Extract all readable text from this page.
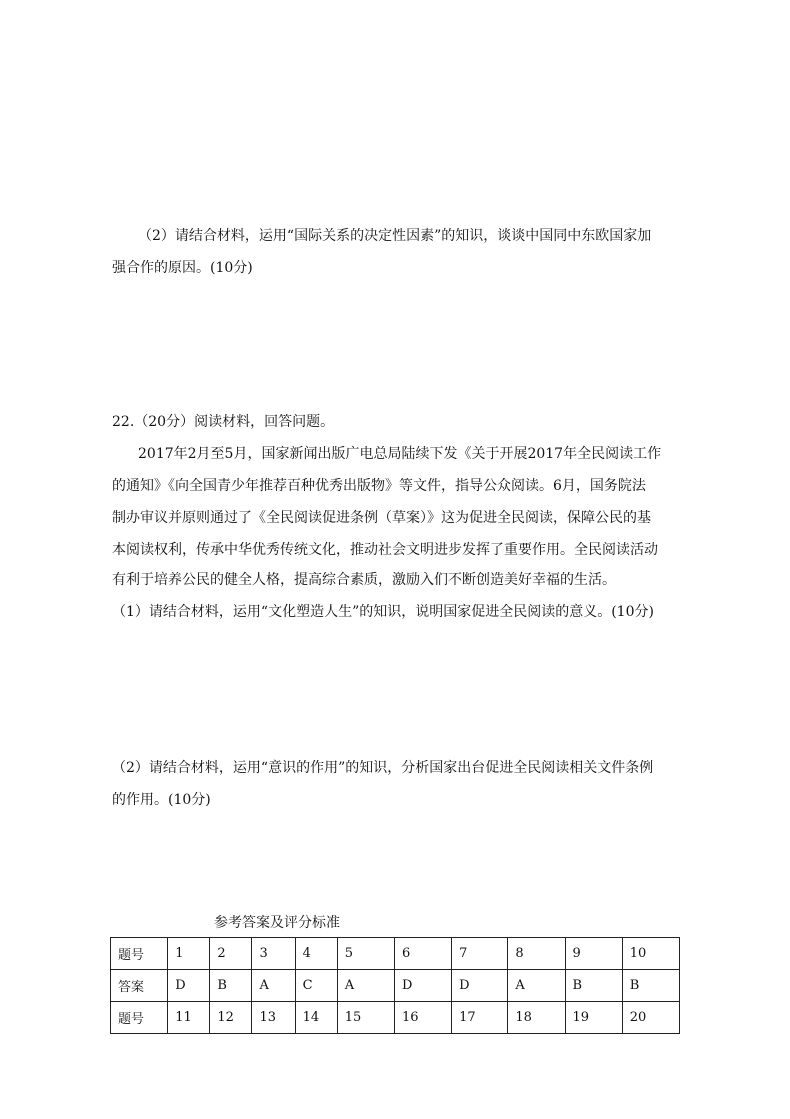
（2）请结合材料，运用“国际关系的决定性因素”的知识，谈谈中国同中东欧国家加
强合作的原因。(10分)
22.（20分）阅读材料，回答问题。
2017年2月至5月，国家新闻出版广电总局陆续下发《关于开展2017年全民阅读工作
的通知》《向全国青少年推荐百种优秀出版物》等文件，指导公众阅读。6月，国务院法
制办审议并原则通过了《全民阅读促进条例（草案）》这为促进全民阅读，保障公民的基
本阅读权利，传承中华优秀传统文化，推动社会文明进步发挥了重要作用。全民阅读活动
有利于培养公民的健全人格，提高综合素质，激励入们不断创造美好幸福的生活。
（1）请结合材料，运用“文化塑造人生”的知识，说明国家促进全民阅读的意义。(10分)
（2）请结合材料，运用“意识的作用”的知识，分析国家出台促进全民阅读相关文件条例
的作用。(10分)
参考答案及评分标准
题号	1	2	3	4	5	6	7	8	9	10
答案	D	B	A	C	A	D	D	A	B	B
题号	11	12	13	14	15	16	17	18	19	20
